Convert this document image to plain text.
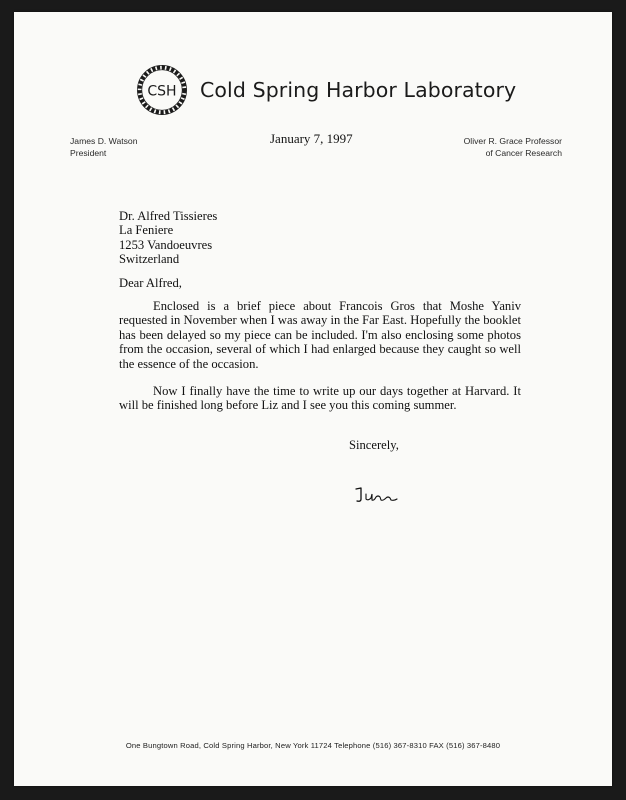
CSH Cold Spring Harbor Laboratory
James D. Watson
President
January 7, 1997	Oliver R. Grace Professor
of Cancer Research
Dr. Alfred Tissieres
La Feniere
1253 Vandoeuvres
Switzerland
Dear Alfred,

Enclosed is a brief piece about Francois Gros that Moshe Yaniv requested in November when I was away in the Far East. Hopefully the booklet has been delayed so my piece can be included. I'm also enclosing some photos from the occasion, several of which I had enlarged because they caught so well the essence of the occasion.

Now I finally have the time to write up our days together at Harvard. It will be finished long before Liz and I see you this coming summer.

Sincerely,
One Bungtown Road, Cold Spring Harbor, New York 11724 Telephone (516) 367-8310 FAX (516) 367-8480
